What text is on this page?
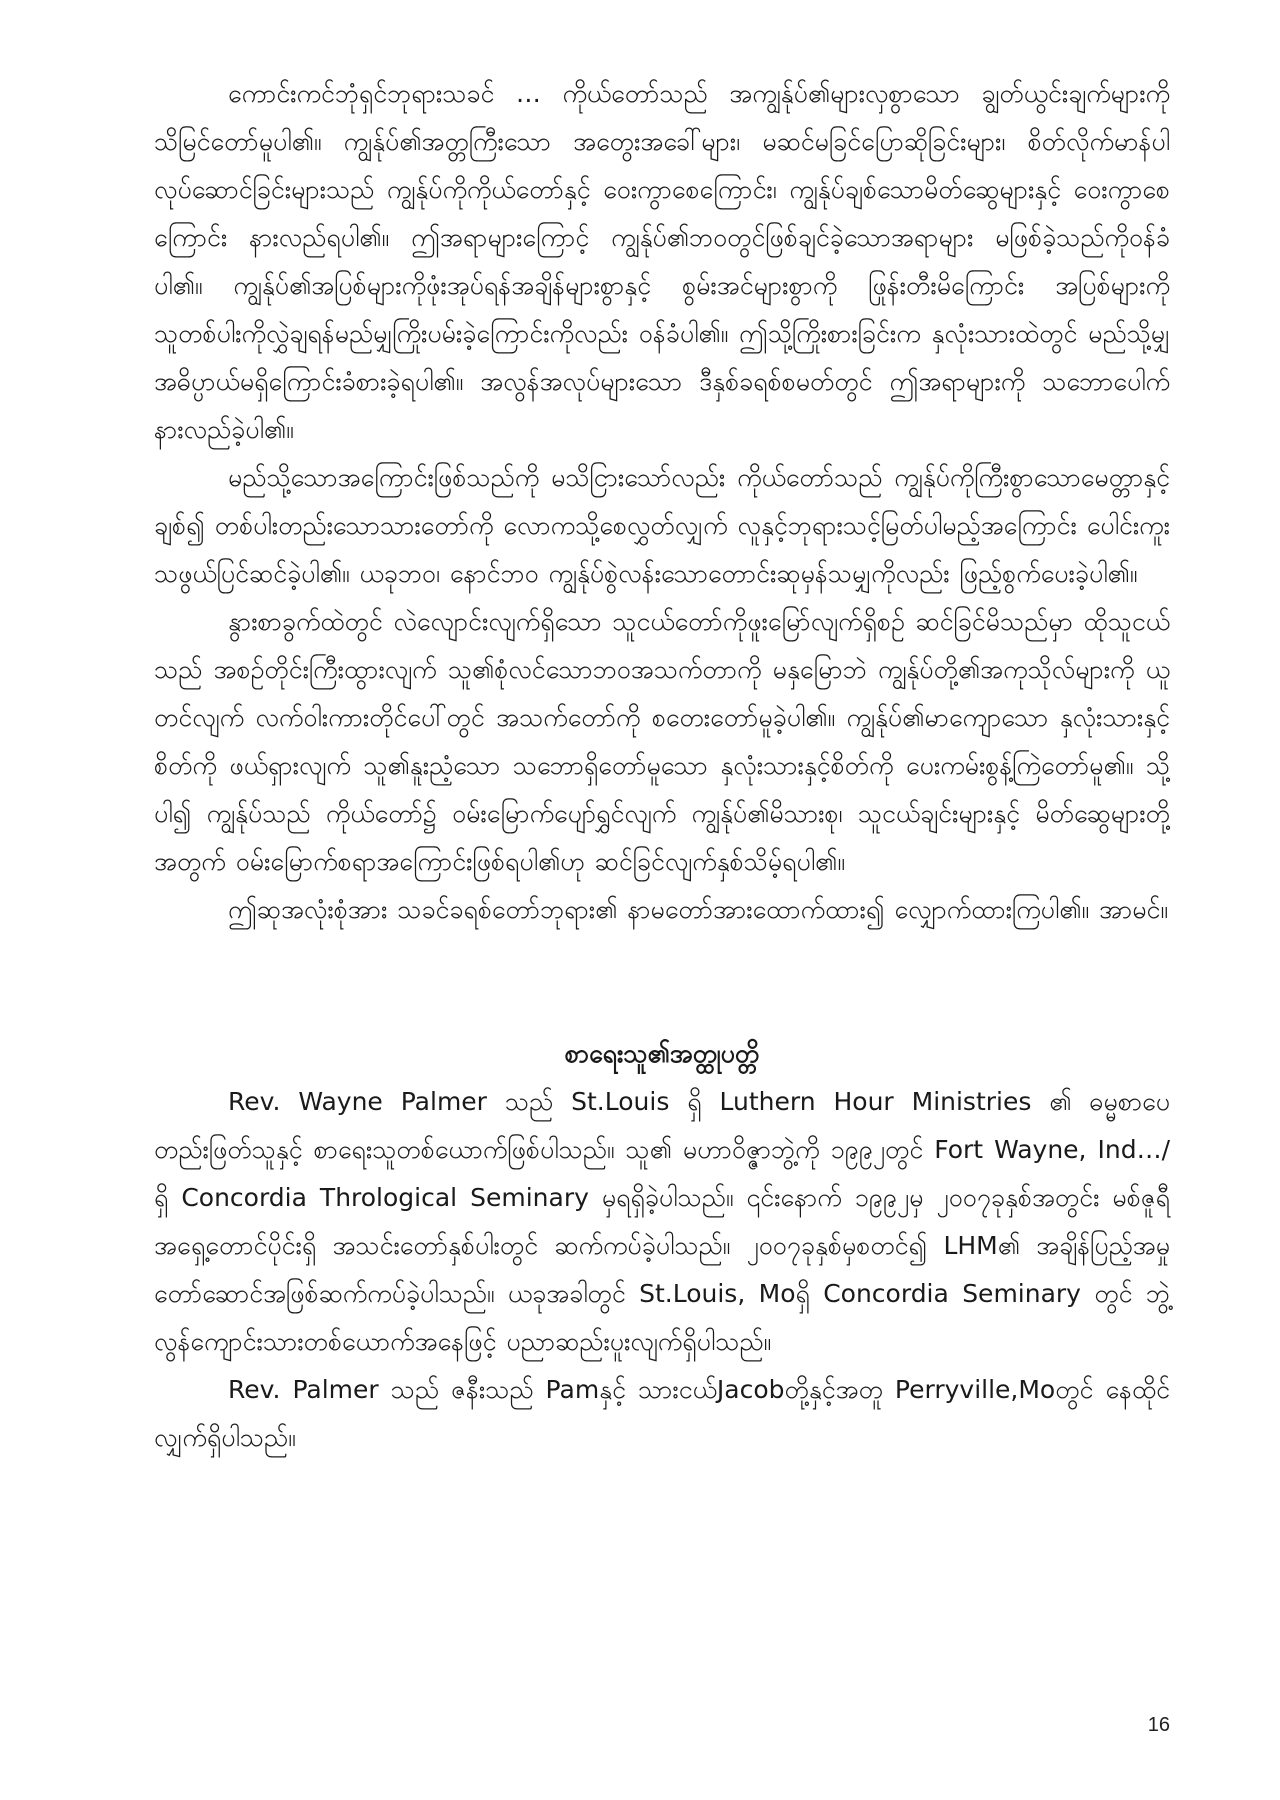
ကောင်းကင်ဘုံရှင်ဘုရားသခင် … ကိုယ်တော်သည် အကျွန်ုပ်၏များလှစွာသော ချွတ်ယွင်းချက်များကို သိမြင်တော်မူပါ၏။ ကျွန်ုပ်၏အတ္တကြီးသော အတွေးအခေါ်များ၊ မဆင်မခြင်ပြောဆိုခြင်းများ၊ စိတ်လိုက်မာန်ပါလုပ်ဆောင်ခြင်းများသည် ကျွန်ုပ်ကိုကိုယ်တော်နှင့် ဝေးကွာစေကြောင်း၊ ကျွန်ုပ်ချစ်သောမိတ်ဆွေများနှင့် ဝေးကွာစေကြောင်း နားလည်ရပါ၏။ ဤအရာများကြောင့် ကျွန်ုပ်၏ဘဝတွင်ဖြစ်ချင်ခဲ့သောအရာများ မဖြစ်ခဲ့သည်ကိုဝန်ခံပါ၏။ ကျွန်ုပ်၏အပြစ်များကိုဖုံးအုပ်ရန်အချိန်များစွာနှင့် စွမ်းအင်များစွာကို ဖြုန်းတီးမိကြောင်း အပြစ်များကို သူတစ်ပါးကိုလွှဲချရန်မည်မျှကြိုးပမ်းခဲ့ကြောင်းကိုလည်း ဝန်ခံပါ၏။ ဤသို့ကြိုးစားခြင်းက နှလုံးသားထဲတွင် မည်သို့မျှအဓိပ္ပာယ်မရှိကြောင်းခံစားခဲ့ရပါ၏။ အလွန်အလုပ်များသော ဒီနှစ်ခရစ်စမတ်တွင် ဤအရာများကို သဘောပေါက်နားလည်ခဲ့ပါ၏။

မည်သို့သောအကြောင်းဖြစ်သည်ကို မသိငြားသော်လည်း ကိုယ်တော်သည် ကျွန်ုပ်ကိုကြီးစွာသောမေတ္တာနှင့်ချစ်၍ တစ်ပါးတည်းသောသားတော်ကို လောကသို့စေလွှတ်လျှက် လူနှင့်ဘုရားသင့်မြတ်ပါမည့်အကြောင်း ပေါင်းကူးသဖွယ်ပြင်ဆင်ခဲ့ပါ၏။ ယခုဘဝ၊ နောင်ဘဝ ကျွန်ုပ်စွဲလန်းသောတောင်းဆုမှန်သမျှကိုလည်း ဖြည့်စွက်ပေးခဲ့ပါ၏။

နွားစာခွက်ထဲတွင် လဲလျောင်းလျက်ရှိသော သူငယ်တော်ကိုဖူးမြော်လျက်ရှိစဉ် ဆင်ခြင်မိသည်မှာ ထိုသူငယ်သည် အစဉ်တိုင်းကြီးထွားလျက် သူ၏စုံလင်သောဘဝအသက်တာကို မနှမြောဘဲ ကျွန်ုပ်တို့၏အကုသိုလ်များကို ယူတင်လျက် လက်ဝါးကားတိုင်ပေါ်တွင် အသက်တော်ကို စတေးတော်မူခဲ့ပါ၏။ ကျွန်ုပ်၏မာကျောသော နှလုံးသားနှင့်စိတ်ကို ဖယ်ရှားလျက် သူ၏နူးညံ့သော သဘောရှိတော်မူသော နှလုံးသားနှင့်စိတ်ကို ပေးကမ်းစွန့်ကြဲတော်မူ၏။ သို့ပါ၍ ကျွန်ုပ်သည် ကိုယ်တော်၌ ဝမ်းမြောက်ပျော်ရွှင်လျက် ကျွန်ုပ်၏မိသားစု၊ သူငယ်ချင်းများနှင့် မိတ်ဆွေများတို့အတွက် ဝမ်းမြောက်စရာအကြောင်းဖြစ်ရပါ၏ဟု ဆင်ခြင်လျက်နှစ်သိမ့်ရပါ၏။

ဤဆုအလုံးစုံအား သခင်ခရစ်တော်ဘုရား၏ နာမတော်အားထောက်ထား၍ လျှောက်ထားကြပါ၏။ အာမင်။

စာရေးသူ၏အတ္ထုပတ္တိ

Rev. Wayne Palmer သည် St.Louis ရှိ Luthern Hour Ministries ၏ ဓမ္မစာပေတည်းဖြတ်သူနှင့် စာရေးသူတစ်ယောက်ဖြစ်ပါသည်။ သူ၏ မဟာဝိဇ္ဇာဘွဲ့ကို ၁၉၉၂တွင် Fort Wayne, Ind…/ရှိ Concordia Thrological Seminary မှရရှိခဲ့ပါသည်။ ၎င်းနောက် ၁၉၉၂မှ ၂၀၀၇ခုနှစ်အတွင်း မစ်ဇူရီအရှေ့တောင်ပိုင်းရှိ အသင်းတော်နှစ်ပါးတွင် ဆက်ကပ်ခဲ့ပါသည်။ ၂၀၀၇ခုနှစ်မှစတင်၍ LHM၏ အချိန်ပြည့်အမှုတော်ဆောင်အဖြစ်ဆက်ကပ်ခဲ့ပါသည်။ ယခုအခါတွင် St.Louis, Moရှိ Concordia Seminary တွင် ဘွဲ့လွန်ကျောင်းသားတစ်ယောက်အနေဖြင့် ပညာဆည်းပူးလျက်ရှိပါသည်။

Rev. Palmer သည် ဇနီးသည် Pamနှင့် သားငယ်Jacobတို့နှင့်အတူ Perryville,Moတွင် နေထိုင်လျှက်ရှိပါသည်။

16
